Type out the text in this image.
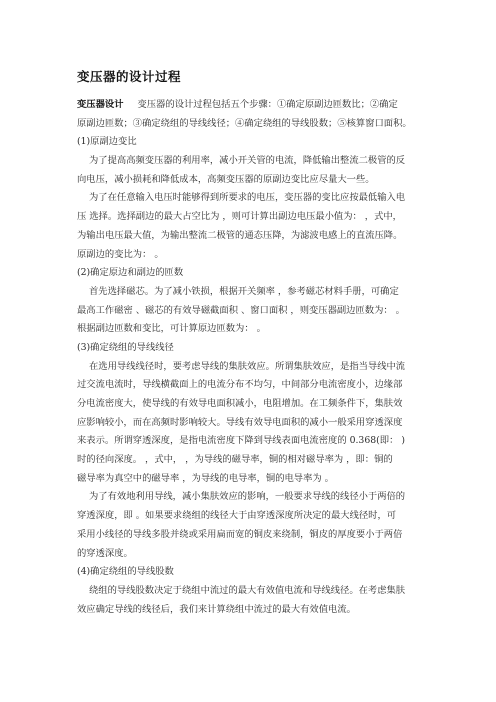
变压器的设计过程
变压器设计 变压器的设计过程包括五个步骤：①确定原副边匝数比；②确定
原副边匝数；③确定绕组的导线线径；④确定绕组的导线股数；⑤核算窗口面积。
(1)原副边变比
为了提高高频变压器的利用率，减小开关管的电流，降低输出整流二极管的反
向电压，减小损耗和降低成本，高频变压器的原副边变比应尽量大一些。
为了在任意输入电压时能够得到所要求的电压，变压器的变比应按最低输入电
压 选择。选择副边的最大占空比为 ，则可计算出副边电压最小值为： ，式中，
为输出电压最大值，为输出整流二极管的通态压降，为滤波电感上的直流压降。
原副边的变比为： 。
(2)确定原边和副边的匝数
首先选择磁芯。为了减小铁损，根据开关频率 ，参考磁芯材料手册，可确定
最高工作磁密 、磁芯的有效导磁截面积 、窗口面积 ，则变压器副边匝数为： 。
根据副边匝数和变比，可计算原边匝数为： 。
(3)确定绕组的导线线径
在选用导线线径时，要考虑导线的集肤效应。所谓集肤效应，是指当导线中流
过交流电流时，导线横截面上的电流分布不均匀，中间部分电流密度小，边缘部
分电流密度大，使导线的有效导电面积减小，电阻增加。在工频条件下，集肤效
应影响较小，而在高频时影响较大。导线有效导电面积的减小一般采用穿透深度
来表示。所谓穿透深度，是指电流密度下降到导线表面电流密度的 0.368(即： )
时的径向深度。 ，式中， ，为导线的磁导率，铜的相对磁导率为 ，即：铜的
磁导率为真空中的磁导率 ，为导线的电导率，铜的电导率为 。
为了有效地利用导线，减小集肤效应的影响，一般要求导线的线径小于两倍的
穿透深度，即 。如果要求绕组的线径大于由穿透深度所决定的最大线径时，可
采用小线径的导线多股并绕或采用扁而宽的铜皮来绕制，铜皮的厚度要小于两倍
的穿透深度。
(4)确定绕组的导线股数
绕组的导线股数决定于绕组中流过的最大有效值电流和导线线径。在考虑集肤
效应确定导线的线径后，我们来计算绕组中流过的最大有效值电流。
